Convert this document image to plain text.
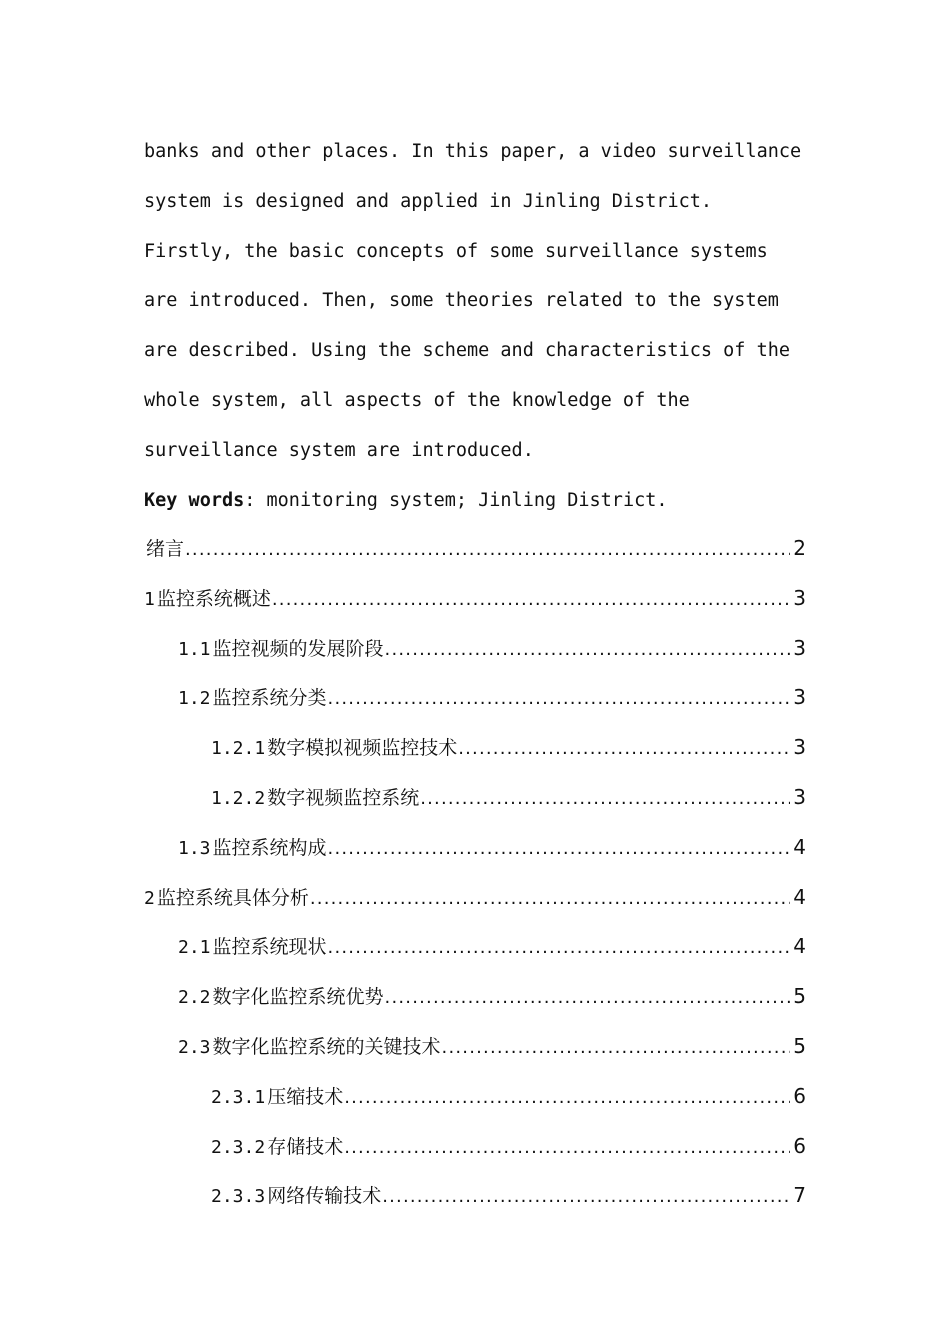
banks and other places. In this paper, a video surveillance
system is designed and applied in Jinling District.
Firstly, the basic concepts of some surveillance systems
are introduced. Then, some theories related to the system
are described. Using the scheme and characteristics of the
whole system, all aspects of the knowledge of the
surveillance system are introduced.
Key words: monitoring system; Jinling District.
绪言 .....	2
1 监控系统概述 .....	3
1.1 监控视频的发展阶段 .....	3
1.2 监控系统分类 .....	3
1.2.1 数字模拟视频监控技术 .....	3
1.2.2 数字视频监控系统 .....	3
1.3 监控系统构成 .....	4
2 监控系统具体分析 .....	4
2.1 监控系统现状 .....	4
2.2 数字化监控系统优势 .....	5
2.3 数字化监控系统的关键技术 .....	5
2.3.1 压缩技术 .....	6
2.3.2 存储技术 .....	6
2.3.3 网络传输技术 .....	7
